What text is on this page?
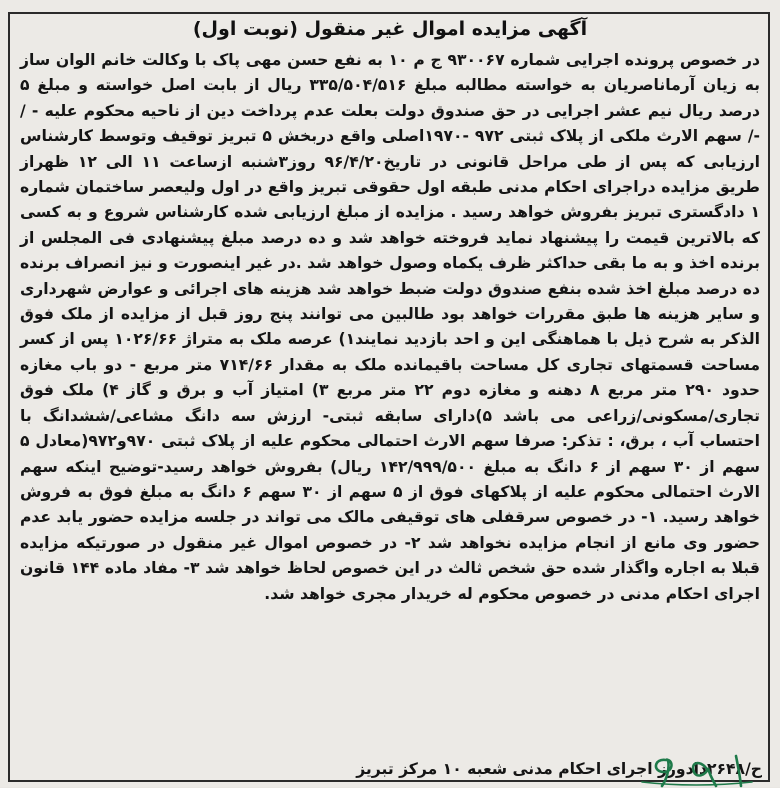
آگهی مزایده اموال غیر منقول (نوبت اول)
در خصوص پرونده اجرایی شماره ۹۳۰۰۶۷ ج م ۱۰ به نفع حسن مهی پاک با وکالت خانم الوان ساز به زیان آرماناصریان به خواسته مطالبه مبلغ ۳۳۵/۵۰۴/۵۱۶ ریال از بابت اصل خواسته و مبلغ ۵ درصد ریال نیم عشر اجرایی در حق صندوق دولت بعلت عدم پرداخت دین از ناحیه محکوم علیه - / -/ سهم الارث ملکی از پلاک ثبتی ۹۷۲ -۱۹۷۰اصلی واقع دربخش ۵ تبریز توقیف وتوسط کارشناس ارزیابی که پس از طی مراحل قانونی در تاریخ۹۶/۴/۲۰ روز۳شنبه ازساعت ۱۱ الی ۱۲ ظهراز طریق مزایده دراجرای احکام مدنی طبقه اول حقوقی تبریز واقع در اول ولیعصر ساختمان شماره ۱ دادگستری تبریز بفروش خواهد رسید . مزایده از مبلغ ارزیابی شده کارشناس شروع و به کسی که بالاترین قیمت را پیشنهاد نماید فروخته خواهد شد و ده درصد مبلغ پیشنهادی فی المجلس از برنده اخذ و به ما بقی حداکثر ظرف یکماه وصول خواهد شد .در غیر اینصورت و نیز انصراف برنده ده درصد مبلغ اخذ شده بنفع صندوق دولت ضبط خواهد شد هزینه های اجرائی و عوارض شهرداری و سایر هزینه ها طبق مقررات خواهد بود طالبین می توانند پنج روز قبل از مزایده از ملک فوق الذکر به شرح ذیل با هماهنگی این و احد بازدید نمایند۱) عرصه ملک به متراژ ۱۰۲۶/۶۶ پس از کسر مساحت قسمتهای تجاری کل مساحت باقیمانده ملک به مقدار ۷۱۴/۶۶ متر مربع - دو باب مغازه حدود ۲۹۰ متر مربع ۸ دهنه و مغازه دوم ۲۲ متر مربع ۳) امتیاز آب و برق و گاز ۴) ملک فوق تجاری/مسکونی/زراعی می باشد ۵)دارای سابقه ثبتی- ارزش سه دانگ مشاعی/ششدانگ با احتساب آب ، برق، : تذکر: صرفا سهم الارث احتمالی محکوم علیه از پلاک ثبتی ۹۷۰و۹۷۲(معادل ۵ سهم از ۳۰ سهم از ۶ دانگ به مبلغ ۱۴۲/۹۹۹/۵۰۰ ریال) بفروش خواهد رسید-توضیح اینکه سهم الارث احتمالی محکوم علیه از پلاکهای فوق از ۵ سهم از ۳۰ سهم ۶ دانگ به مبلغ فوق به فروش خواهد رسید. ۱- در خصوص سرقفلی های توقیفی مالک می تواند در جلسه مزایده حضور یابد عدم حضور وی مانع از انجام مزایده نخواهد شد ۲- در خصوص اموال غیر منقول در صورتیکه مزایده قبلا به اجاره واگذار شده حق شخص ثالث در این خصوص لحاظ خواهد شد ۳- مفاد ماده ۱۴۴ قانون اجرای احکام مدنی در خصوص محکوم له خریدار مجری خواهد شد.
ح/۲۶۴۸دادورز اجرای احکام مدنی شعبه ۱۰ مرکز تبریز
